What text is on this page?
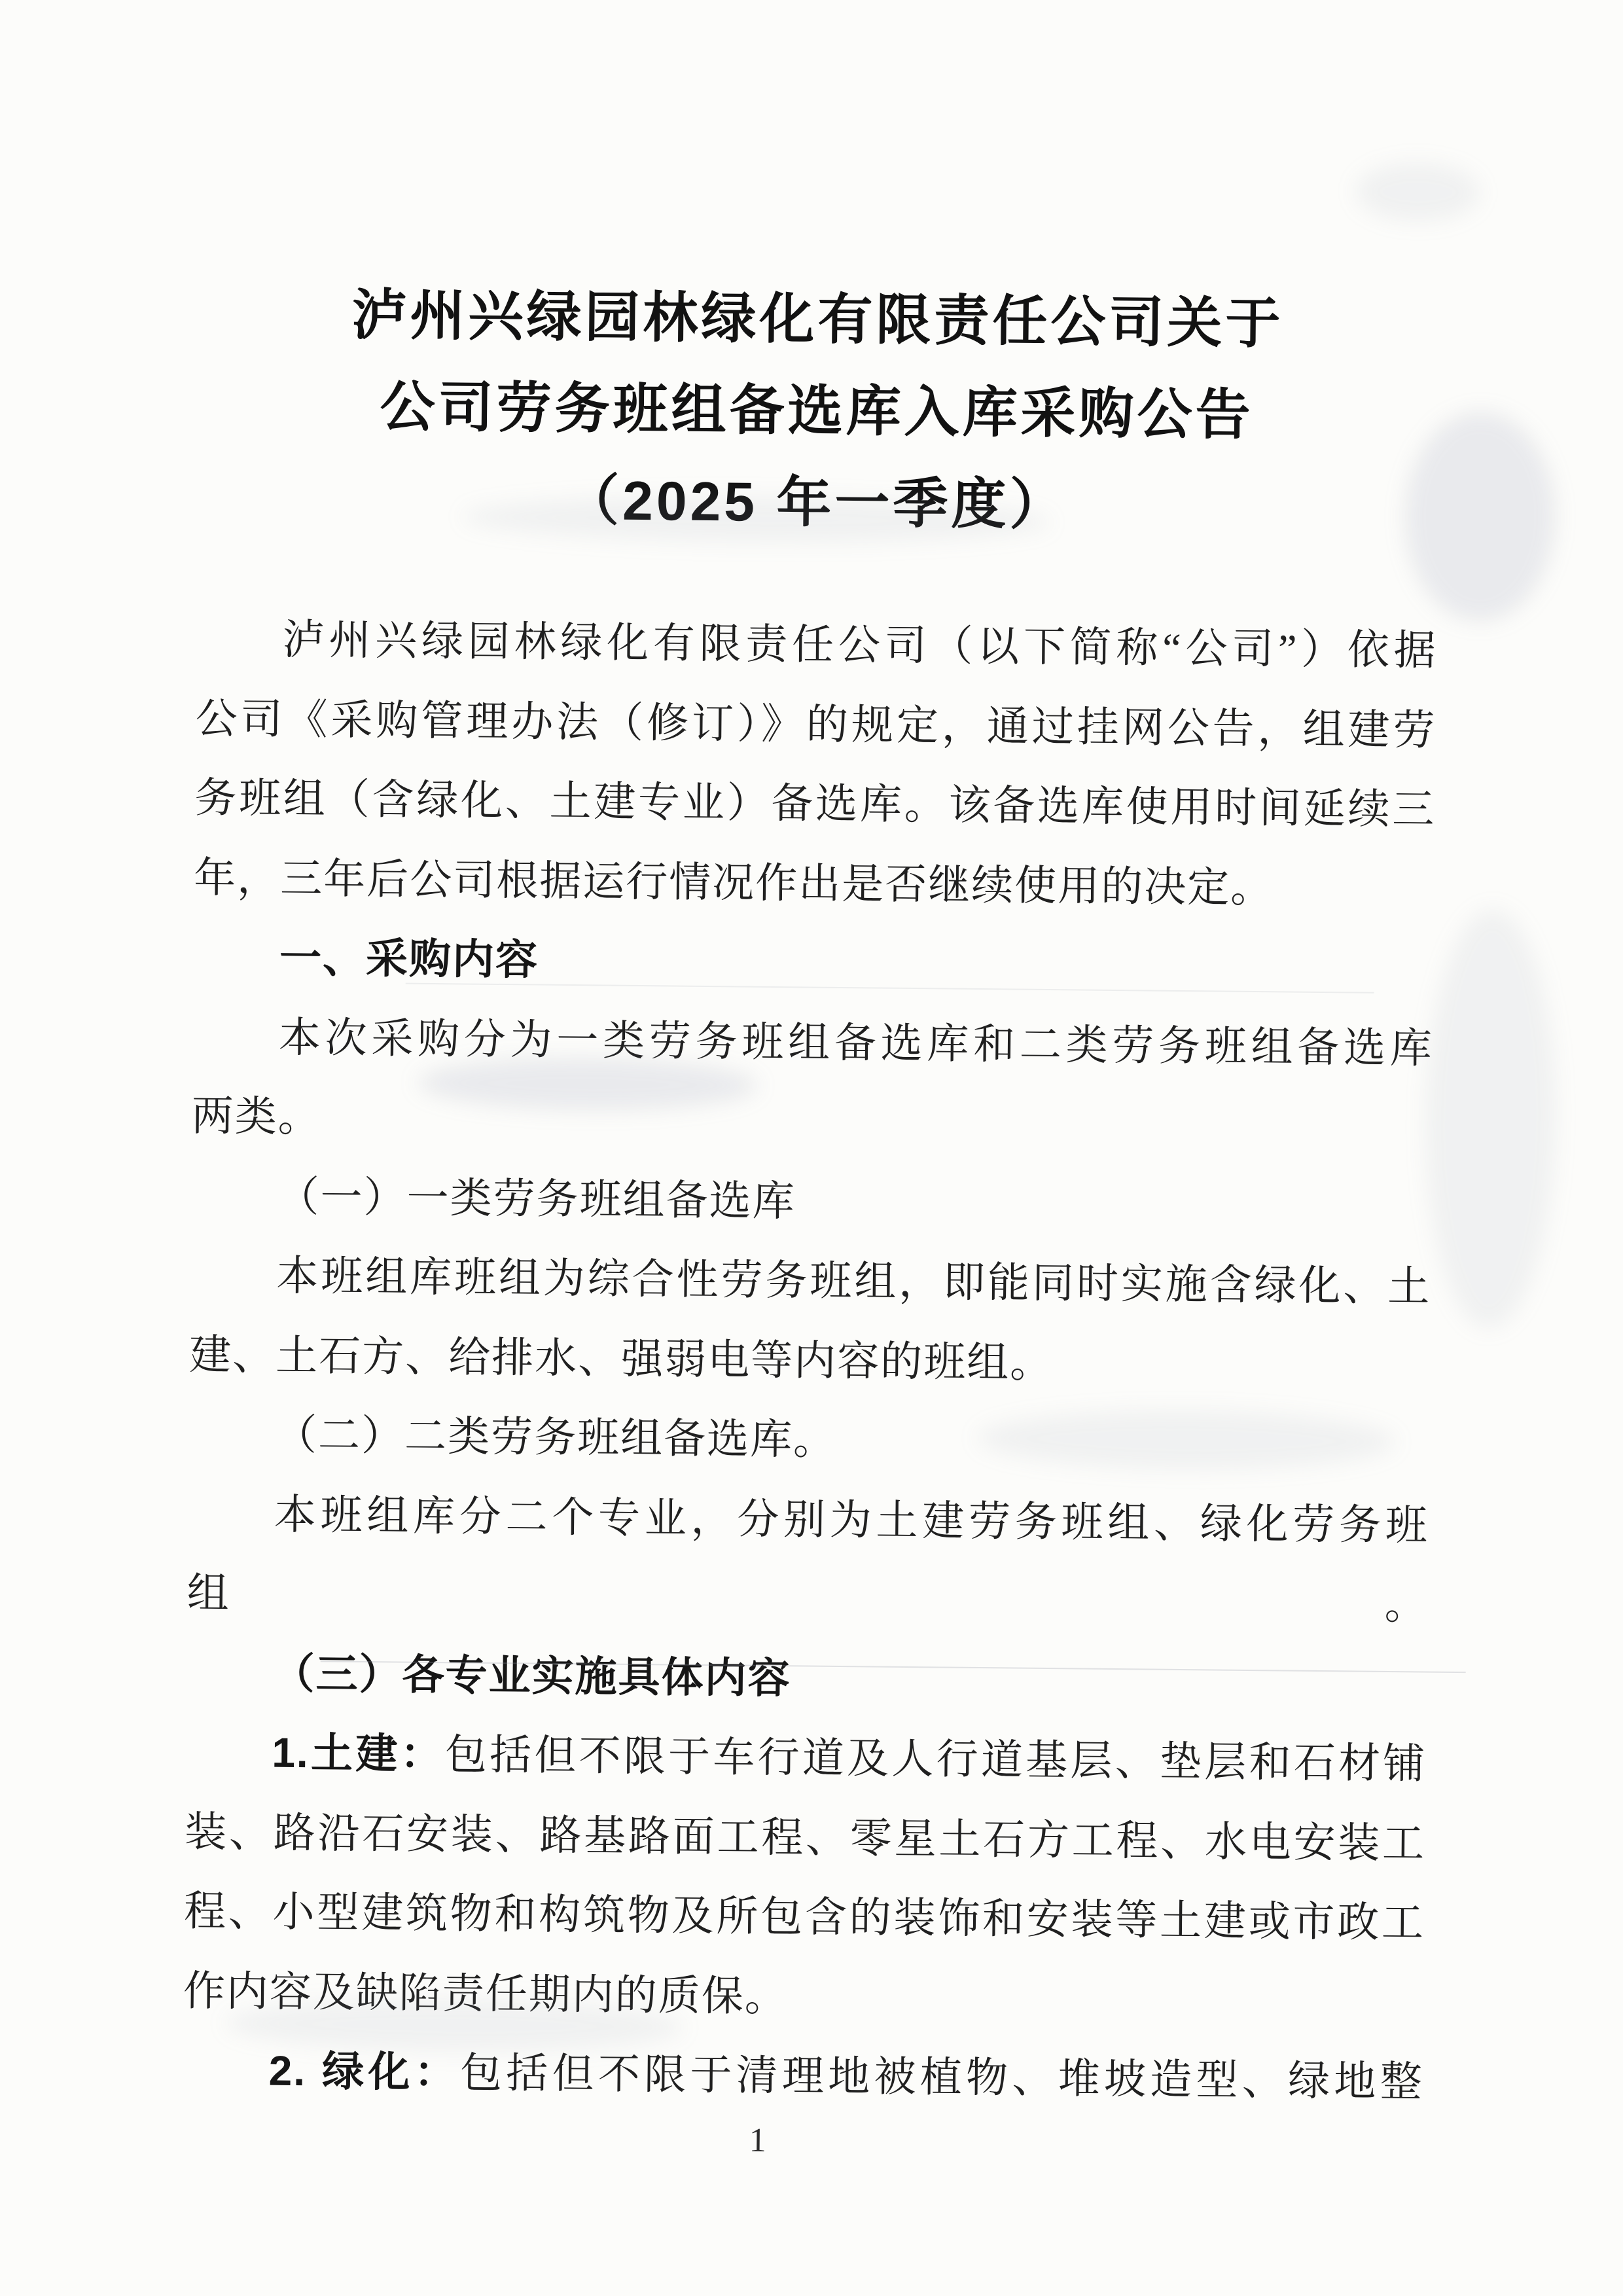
泸州兴绿园林绿化有限责任公司关于
公司劳务班组备选库入库采购公告
（2025 年一季度）
泸州兴绿园林绿化有限责任公司（以下简称“公司”）依据
公司《采购管理办法（修订）》的规定，通过挂网公告，组建劳
务班组（含绿化、土建专业）备选库。该备选库使用时间延续三
年，三年后公司根据运行情况作出是否继续使用的决定。
一、采购内容
本次采购分为一类劳务班组备选库和二类劳务班组备选库
两类。
（一）一类劳务班组备选库
本班组库班组为综合性劳务班组，即能同时实施含绿化、土
建、土石方、给排水、强弱电等内容的班组。
（二）二类劳务班组备选库。
本班组库分二个专业，分别为土建劳务班组、绿化劳务班组。
（三）各专业实施具体内容
1.土建：包括但不限于车行道及人行道基层、垫层和石材铺
装、路沿石安装、路基路面工程、零星土石方工程、水电安装工
程、小型建筑物和构筑物及所包含的装饰和安装等土建或市政工
作内容及缺陷责任期内的质保。
2. 绿化：包括但不限于清理地被植物、堆坡造型、绿地整
1
